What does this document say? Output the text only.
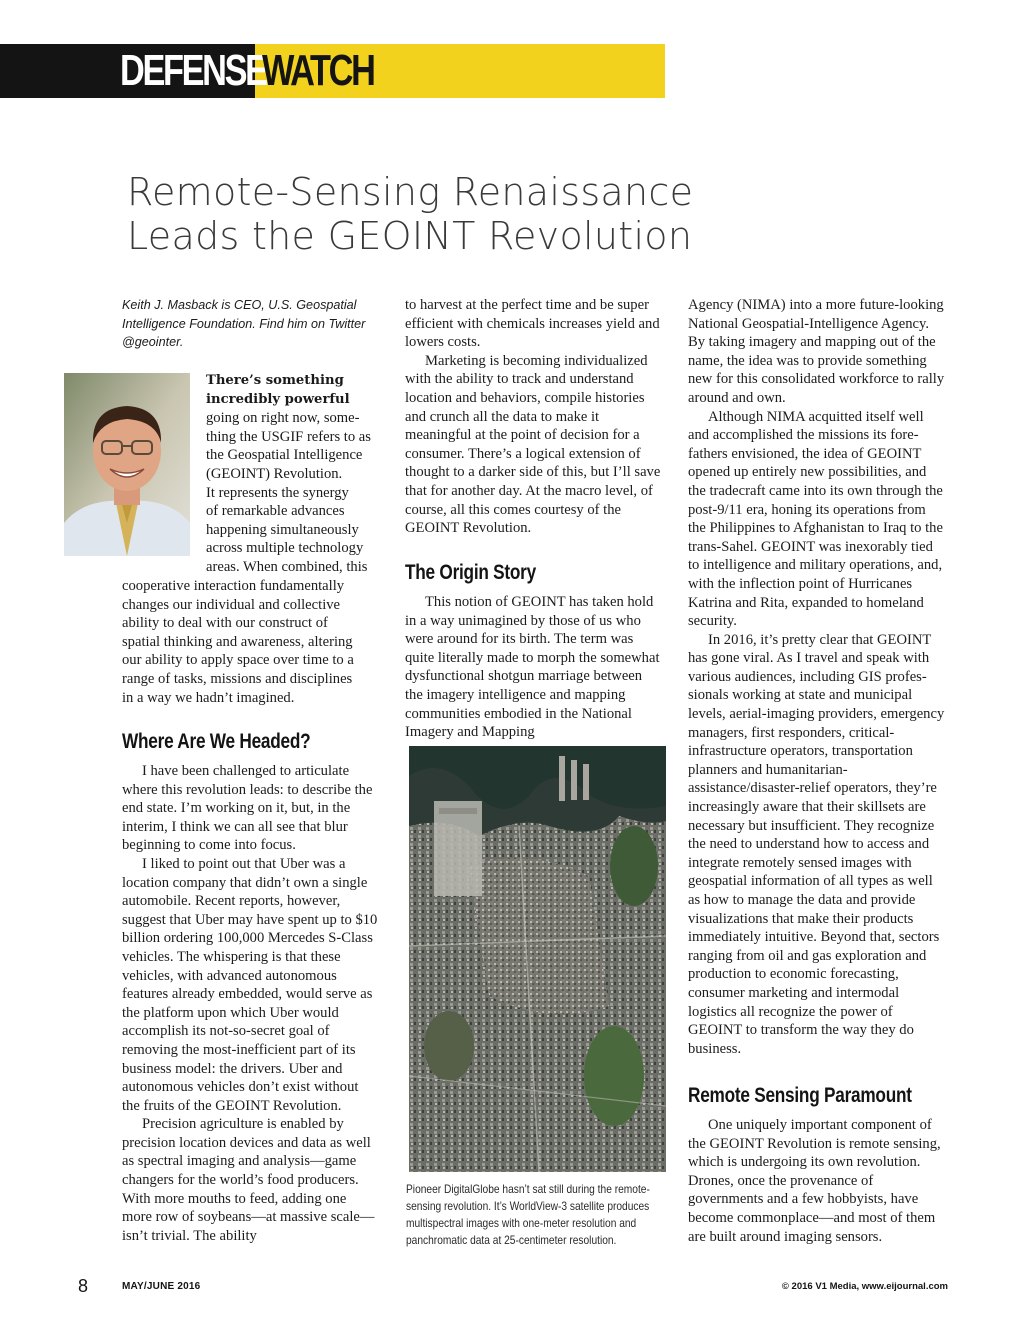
DEFENSE
WATCH
Remote-Sensing Renaissance
Leads the GEOINT Revolution
Keith J. Masback is CEO, U.S. Geospatial
Intelligence Foundation. Find him on Twitter
@geointer.
There’s something
incredibly powerful
going on right now, some-
thing the USGIF refers to as
the Geospatial Intelligence
(GEOINT) Revolution.
It represents the synergy
of remarkable advances
happening simultaneously
across multiple technology
areas. When combined, this
cooperative interaction fundamentally
changes our individual and collective
ability to deal with our construct of
spatial thinking and awareness, altering
our ability to apply space over time to a
range of tasks, missions and disciplines
in a way we hadn’t imagined.
Where Are We Headed?

I have been challenged to articulate where this revolution leads: to describe the end state. I’m working on it, but, in the interim, I think we can all see that blur beginning to come into focus.

I liked to point out that Uber was a location company that didn’t own a single automobile. Recent reports, however, suggest that Uber may have spent up to $10 billion ordering 100,000 Mercedes S-Class vehicles. The whispering is that these vehicles, with advanced autonomous features already embedded, would serve as the platform upon which Uber would accomplish its not-so-secret goal of removing the most-inefficient part of its business model: the drivers. Uber and autonomous vehicles don’t exist without the fruits of the GEOINT Revolution.

Precision agriculture is enabled by precision location devices and data as well as spectral imaging and analysis—game changers for the world’s food producers. With more mouths to feed, adding one more row of soybeans—at massive scale—isn’t trivial. The ability

to harvest at the perfect time and be super efficient with chemicals increases yield and lowers costs.

Marketing is becoming individualized with the ability to track and understand location and behaviors, compile histories and crunch all the data to make it meaningful at the point of decision for a consumer. There’s a logical extension of thought to a darker side of this, but I’ll save that for another day. At the macro level, of course, all this comes courtesy of the GEOINT Revolution.

The Origin Story

This notion of GEOINT has taken hold in a way unimagined by those of us who were around for its birth. The term was quite literally made to morph the somewhat dysfunctional shotgun marriage between the imagery intelligence and mapping communities embodied in the National Imagery and Mapping

Pioneer DigitalGlobe hasn’t sat still during the remote-
sensing revolution. It’s WorldView-3 satellite produces
multispectral images with one-meter resolution and
panchromatic data at 25-centimeter resolution.

Agency (NIMA) into a more future-looking National Geospatial-Intelligence Agency. By taking imagery and mapping out of the name, the idea was to provide something new for this consolidated workforce to rally around and own.

Although NIMA acquitted itself well and accomplished the missions its forefathers envisioned, the idea of GEOINT opened up entirely new possibilities, and the tradecraft came into its own through the post-9/11 era, honing its operations from the Philippines to Afghanistan to Iraq to the trans-Sahel. GEOINT was inexorably tied to intelligence and military operations, and, with the inflection point of Hurricanes Katrina and Rita, expanded to homeland security.

In 2016, it’s pretty clear that GEOINT has gone viral. As I travel and speak with various audiences, including GIS professionals working at state and municipal levels, aerial-imaging providers, emergency managers, first responders, critical-infrastructure operators, transportation planners and humanitarian-assistance/disaster-relief operators, they’re increasingly aware that their skillsets are necessary but insufficient. They recognize the need to understand how to access and integrate remotely sensed images with geospatial information of all types as well as how to manage the data and provide visualizations that make their products immediately intuitive. Beyond that, sectors ranging from oil and gas exploration and production to economic forecasting, consumer marketing and intermodal logistics all recognize the power of GEOINT to transform the way they do business.

Remote Sensing Paramount

One uniquely important component of the GEOINT Revolution is remote sensing, which is undergoing its own revolution. Drones, once the provenance of governments and a few hobbyists, have become commonplace—and most of them are built around imaging sensors.

8	MAY/JUNE 2016	© 2016 V1 Media, www.eijournal.com
